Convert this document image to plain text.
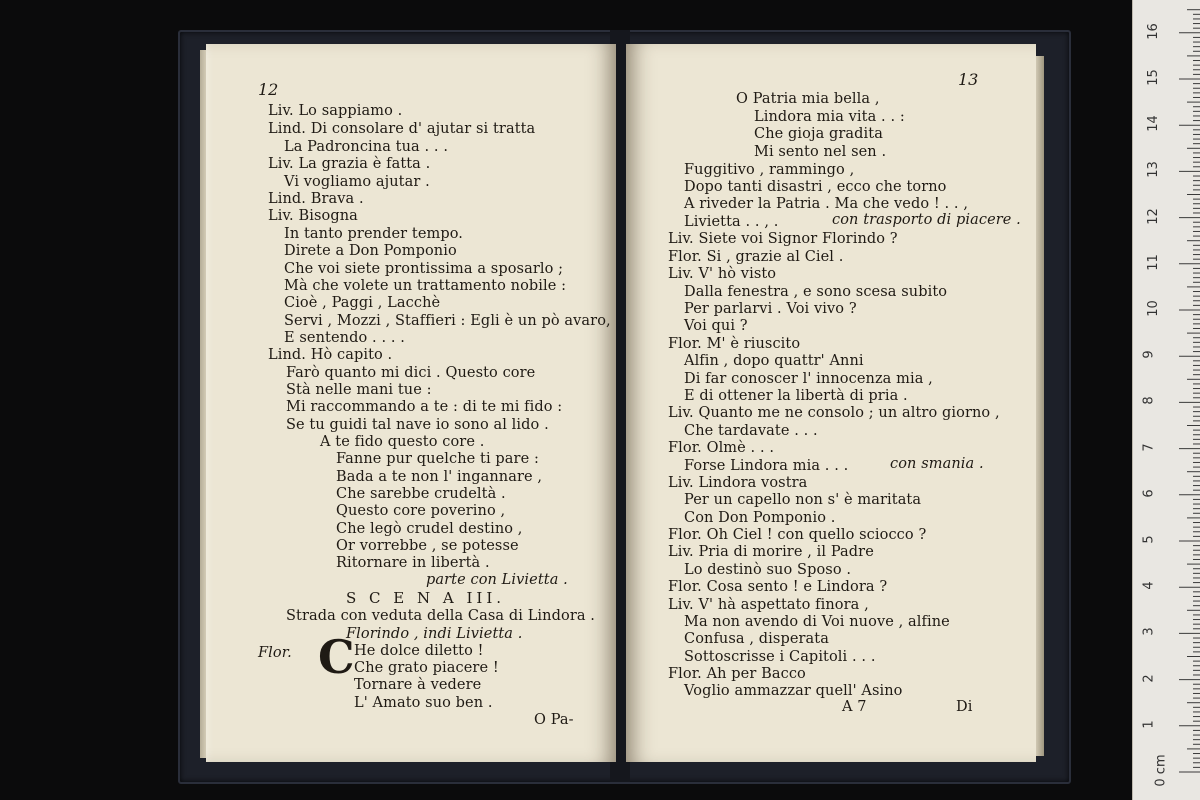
12
Liv. Lo sappiamo .
Lind. Di consolare d' ajutar si tratta
La Padroncina tua . . .
Liv. La grazia è fatta .
Vi vogliamo ajutar .
Lind. Brava .
Liv. Bisogna
In tanto prender tempo.
Direte a Don Pomponio
Che voi siete prontissima a sposarlo ;
Mà che volete un trattamento nobile :
Cioè , Paggi , Lacchè
Servi , Mozzi , Staffieri : Egli è un pò avaro,
E sentendo . . . .
Lind. Hò capito .
Farò quanto mi dici . Questo core
Stà nelle mani tue :
Mi raccommando a te : di te mi fido :
Se tu guidi tal nave io sono al lido .
A te fido questo core .
Fanne pur quelche ti pare :
Bada a te non l' ingannare ,
Che sarebbe crudeltà .
Questo core poverino ,
Che legò crudel destino ,
Or vorrebbe , se potesse
Ritornare in libertà .
parte con Livietta .
S C E N A III.
Strada con veduta della Casa di Lindora .
Florindo , indi Livietta .
Flor. C He dolce diletto !
Che grato piacere !
Tornare à vedere
L' Amato suo ben .
O Pa-
13
O Patria mia bella ,
Lindora mia vita . . :
Che gioja gradita
Mi sento nel sen .
Fuggitivo , rammingo ,
Dopo tanti disastri , ecco che torno
A riveder la Patria . Ma che vedo ! . . ,
Livietta . . , .	con trasporto di piacere .
Liv. Siete voi Signor Florindo ?
Flor. Si , grazie al Ciel .
Liv. V' hò visto
Dalla fenestra , e sono scesa subito
Per parlarvi . Voi vivo ?
Voi qui ?
Flor. M' è riuscito
Alfin , dopo quattr' Anni
Di far conoscer l' innocenza mia ,
E di ottener la libertà di pria .
Liv. Quanto me ne consolo ; un altro giorno ,
Che tardavate . . .
Flor. Olmè . . .
Forse Lindora mia . . .	con smania .
Liv. Lindora vostra
Per un capello non s' è maritata
Con Don Pomponio .
Flor. Oh Ciel ! con quello sciocco ?
Liv. Pria di morire , il Padre
Lo destinò suo Sposo .
Flor. Cosa sento ! e Lindora ?
Liv. V' hà aspettato finora ,
Ma non avendo di Voi nuove , alfine
Confusa , disperata
Sottoscrisse i Capitoli . . .
Flor. Ah per Bacco
Voglio ammazzar quell' Asino
A 7	Di
0 cm
1
2
3
4
5
6
7
8
9
10
11
12
13
14
15
16
